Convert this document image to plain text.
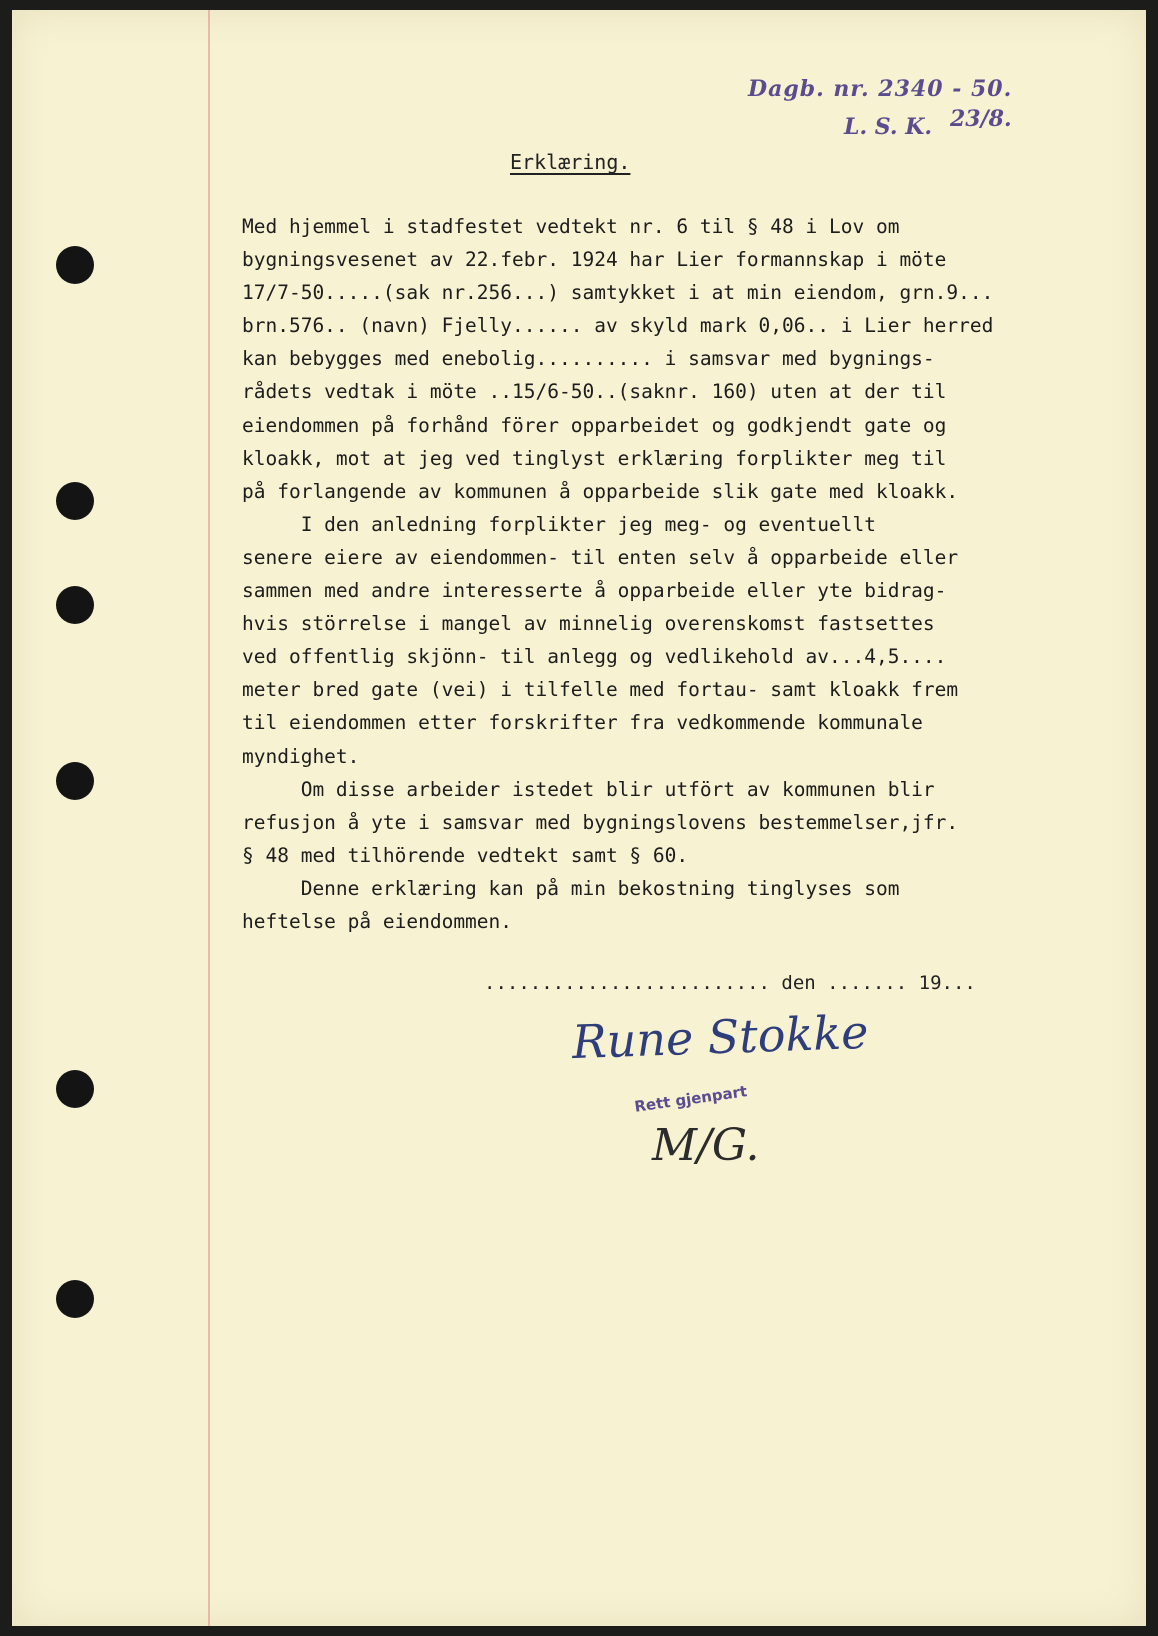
Dagb. nr. 2340 - 50.
L. S. K. 23/8.
Erklæring.
Med hjemmel i stadfestet vedtekt nr. 6 til § 48 i Lov om
bygningsvesenet av 22.febr. 1924 har Lier formannskap i möte
17/7-50.....(sak nr.256...) samtykket i at min eiendom, grn.9...
brn.576.. (navn) Fjelly...... av skyld mark 0,06.. i Lier herred
kan bebygges med enebolig.......... i samsvar med bygnings-
rådets vedtak i möte ..15/6-50..(saknr. 160) uten at der til
eiendommen på forhånd förer opparbeidet og godkjendt gate og
kloakk, mot at jeg ved tinglyst erklæring forplikter meg til
på forlangende av kommunen å opparbeide slik gate med kloakk.
I den anledning forplikter jeg meg- og eventuellt
senere eiere av eiendommen- til enten selv å opparbeide eller
sammen med andre interesserte å opparbeide eller yte bidrag-
hvis störrelse i mangel av minnelig overenskomst fastsettes
ved offentlig skjönn- til anlegg og vedlikehold av...4,5....
meter bred gate (vei) i tilfelle med fortau- samt kloakk frem
til eiendommen etter forskrifter fra vedkommende kommunale
myndighet.
Om disse arbeider istedet blir utfört av kommunen blir
refusjon å yte i samsvar med bygningslovens bestemmelser,jfr.
§ 48 med tilhörende vedtekt samt § 60.
Denne erklæring kan på min bekostning tinglyses som
heftelse på eiendommen.
......................... den ....... 19...
Rune Stokke
Rett gjenpart
M/G.
